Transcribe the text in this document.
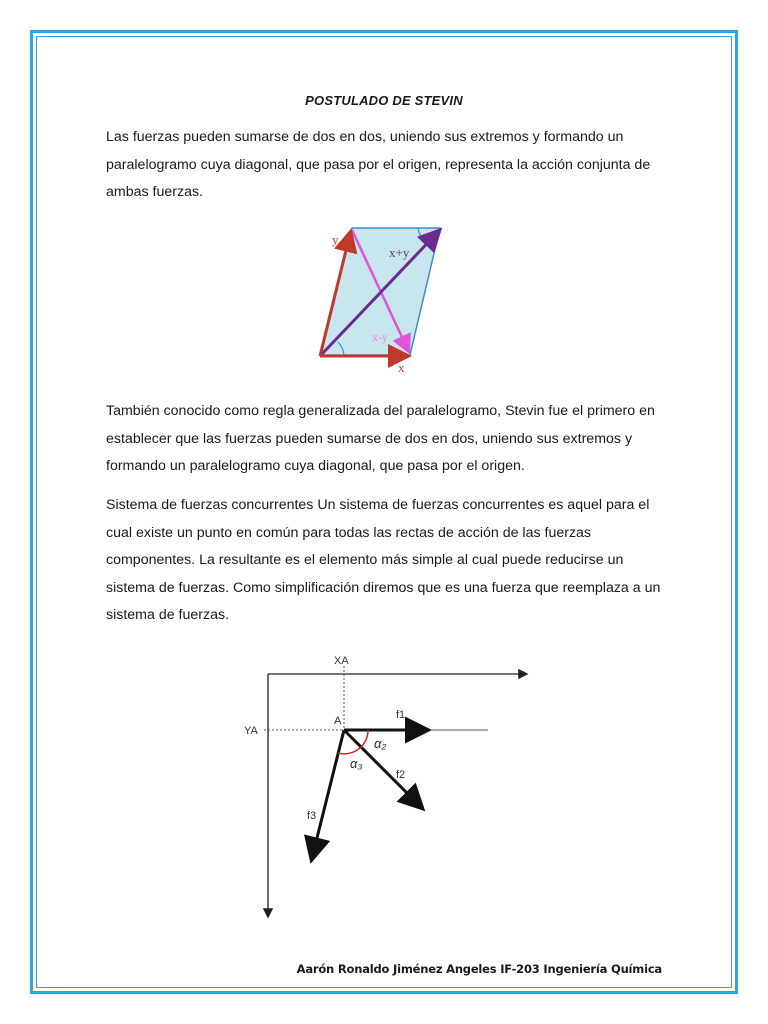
POSTULADO DE STEVIN

Las fuerzas pueden sumarse de dos en dos, uniendo sus extremos y formando un paralelogramo cuya diagonal, que pasa por el origen, representa la acción conjunta de ambas fuerzas.

y
x+y
x-y
x

También conocido como regla generalizada del paralelogramo, Stevin fue el primero en establecer que las fuerzas pueden sumarse de dos en dos, uniendo sus extremos y formando un paralelogramo cuya diagonal, que pasa por el origen.

Sistema de fuerzas concurrentes Un sistema de fuerzas concurrentes es aquel para el cual existe un punto en común para todas las rectas de acción de las fuerzas componentes. La resultante es el elemento más simple al cual puede reducirse un sistema de fuerzas. Como simplificación diremos que es una fuerza que reemplaza a un sistema de fuerzas.

XA
YA
A	f1
f2
f3
α₂
α₃
Aarón Ronaldo Jiménez Angeles IF-203 Ingeniería Química
